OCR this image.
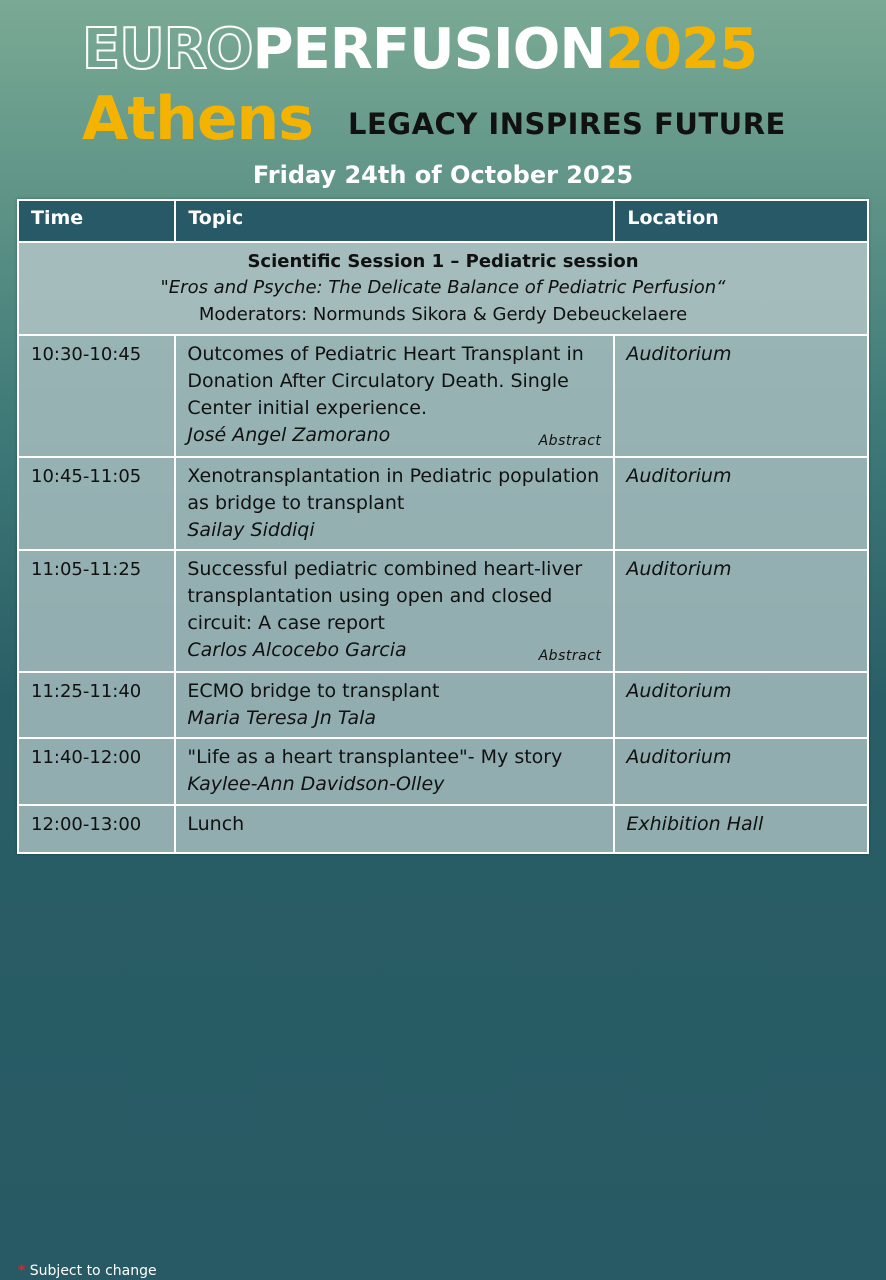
EUROPERFUSION2025
Athens LEGACY INSPIRES FUTURE
Friday 24th of October 2025
Time	Topic	Location

Scientific Session 1 – Pediatric session
"Eros and Psyche: The Delicate Balance of Pediatric Perfusion“
Moderators: Normunds Sikora & Gerdy Debeuckelaere		

10:30-10:45	Outcomes of Pediatric Heart Transplant in Donation After Circulatory Death. Single Center initial experience.
José Angel Zamorano Abstract	Auditorium
10:45-11:05	Xenotransplantation in Pediatric population as bridge to transplant
Sailay Siddiqi	Auditorium
11:05-11:25	Successful pediatric combined heart-liver transplantation using open and closed circuit: A case report
Carlos Alcocebo Garcia Abstract	Auditorium
11:25-11:40	ECMO bridge to transplant
Maria Teresa Jn Tala	Auditorium
11:40-12:00	"Life as a heart transplantee"- My story
Kaylee-Ann Davidson-Olley	Auditorium
12:00-13:00	Lunch	Exhibition Hall
* Subject to change
